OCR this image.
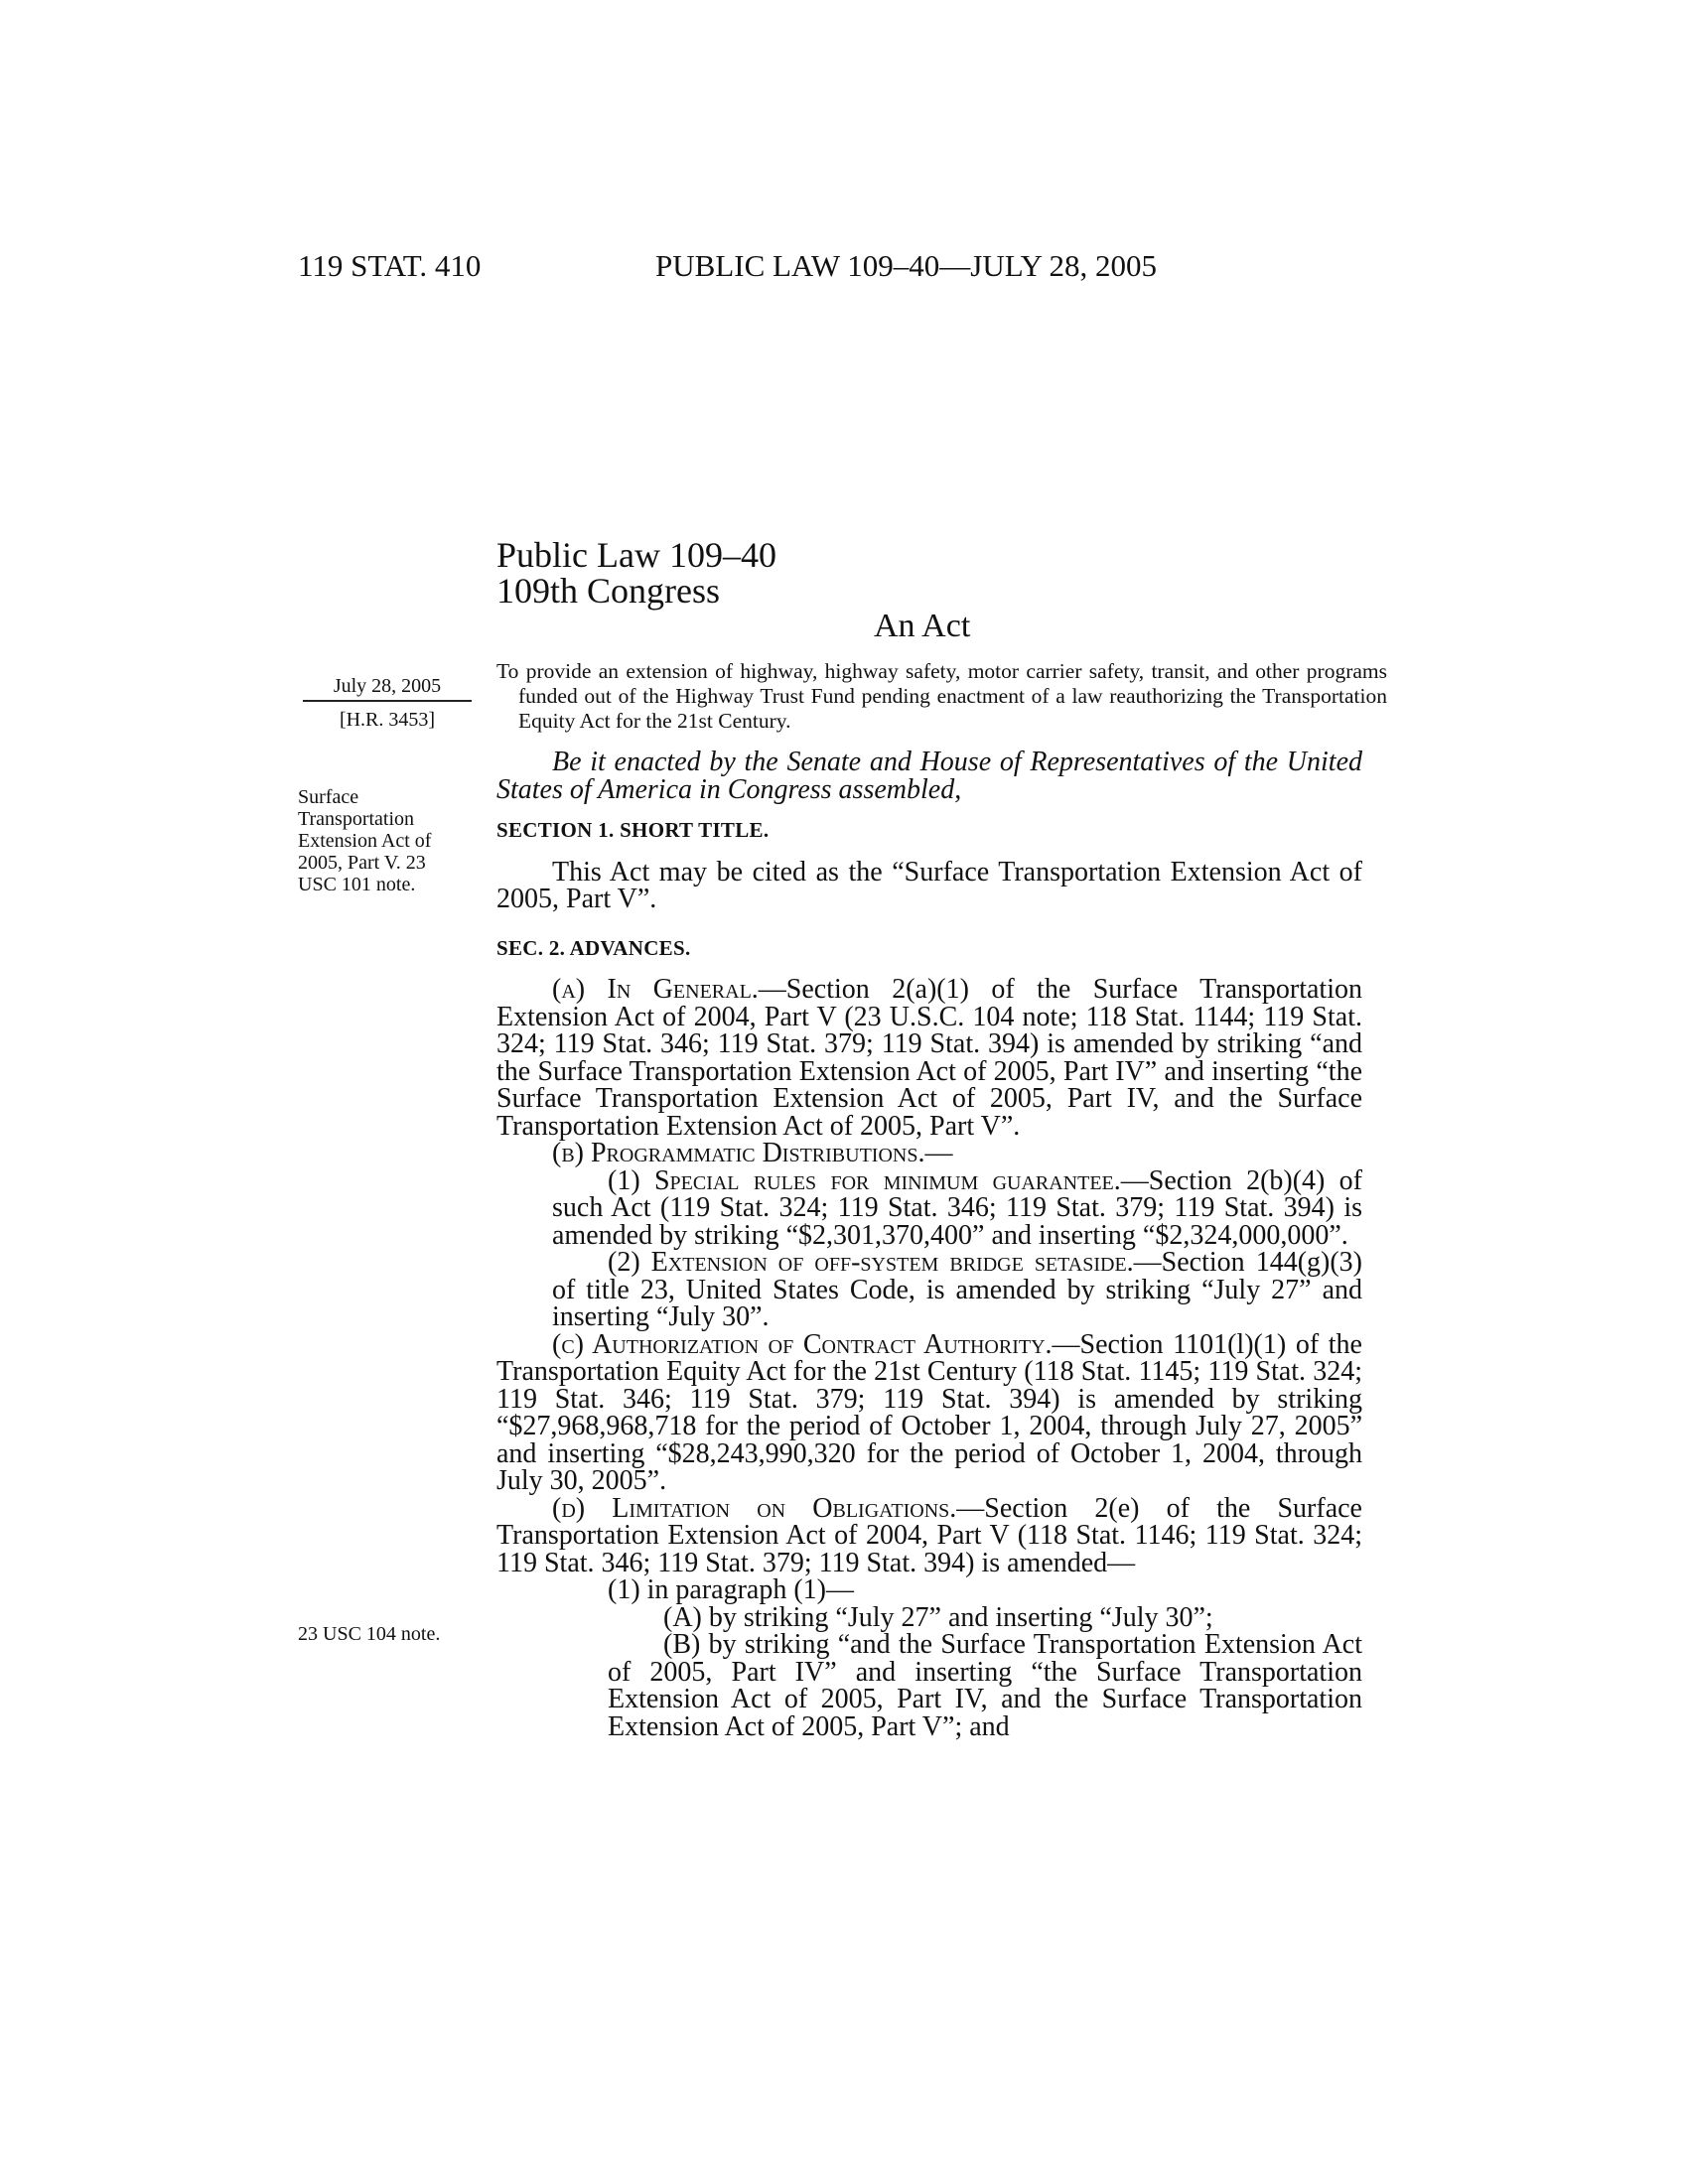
119 STAT. 410	PUBLIC LAW 109–40—JULY 28, 2005
Public Law 109–40
109th Congress
An Act
July 28, 2005
[H.R. 3453]
Surface Transportation Extension Act of 2005, Part V. 23 USC 101 note.
23 USC 104 note.
To provide an extension of highway, highway safety, motor carrier safety, transit, and other programs funded out of the Highway Trust Fund pending enactment of a law reauthorizing the Transportation Equity Act for the 21st Century.

Be it enacted by the Senate and House of Representatives of the United States of America in Congress assembled,

SECTION 1. SHORT TITLE.

This Act may be cited as the “Surface Transportation Extension Act of 2005, Part V”.

SEC. 2. ADVANCES.

(a) In General.—Section 2(a)(1) of the Surface Transportation Extension Act of 2004, Part V (23 U.S.C. 104 note; 118 Stat. 1144; 119 Stat. 324; 119 Stat. 346; 119 Stat. 379; 119 Stat. 394) is amended by striking “and the Surface Transportation Extension Act of 2005, Part IV” and inserting “the Surface Transportation Extension Act of 2005, Part IV, and the Surface Transportation Extension Act of 2005, Part V”.

(b) Programmatic Distributions.—

(1) Special rules for minimum guarantee.—Section 2(b)(4) of such Act (119 Stat. 324; 119 Stat. 346; 119 Stat. 379; 119 Stat. 394) is amended by striking “$2,301,370,400” and inserting “$2,324,000,000”.

(2) Extension of off-system bridge setaside.—Section 144(g)(3) of title 23, United States Code, is amended by striking “July 27” and inserting “July 30”.

(c) Authorization of Contract Authority.—Section 1101(l)(1) of the Transportation Equity Act for the 21st Century (118 Stat. 1145; 119 Stat. 324; 119 Stat. 346; 119 Stat. 379; 119 Stat. 394) is amended by striking “$27,968,968,718 for the period of October 1, 2004, through July 27, 2005” and inserting “$28,243,990,320 for the period of October 1, 2004, through July 30, 2005”.

(d) Limitation on Obligations.—Section 2(e) of the Surface Transportation Extension Act of 2004, Part V (118 Stat. 1146; 119 Stat. 324; 119 Stat. 346; 119 Stat. 379; 119 Stat. 394) is amended—

(1) in paragraph (1)—

(A) by striking “July 27” and inserting “July 30”;

(B) by striking “and the Surface Transportation Extension Act of 2005, Part IV” and inserting “the Surface Transportation Extension Act of 2005, Part IV, and the Surface Transportation Extension Act of 2005, Part V”; and
